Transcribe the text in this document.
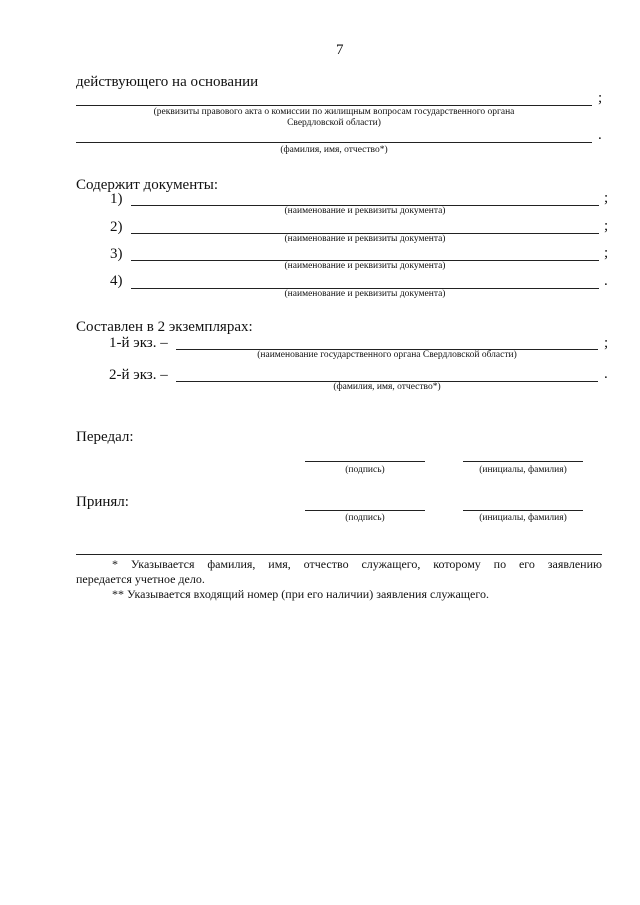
7
действующего на основании
;
(реквизиты правового акта о комиссии по жилищным вопросам государственного органа
Свердловской области)
.
(фамилия, имя, отчество*)
Содержит документы:
1)	;
(наименование и реквизиты документа)
2)	;
(наименование и реквизиты документа)
3)	;
(наименование и реквизиты документа)
4)	.
(наименование и реквизиты документа)
Составлен в 2 экземплярах:
1-й экз. –	;
(наименование государственного органа Свердловской области)
2-й экз. –	.
(фамилия, имя, отчество*)
Передал:
(подпись)	(инициалы, фамилия)
Принял:
(подпись)	(инициалы, фамилия)
* Указывается фамилия, имя, отчество служащего, которому по его заявлению
передается учетное дело.
** Указывается входящий номер (при его наличии) заявления служащего.
